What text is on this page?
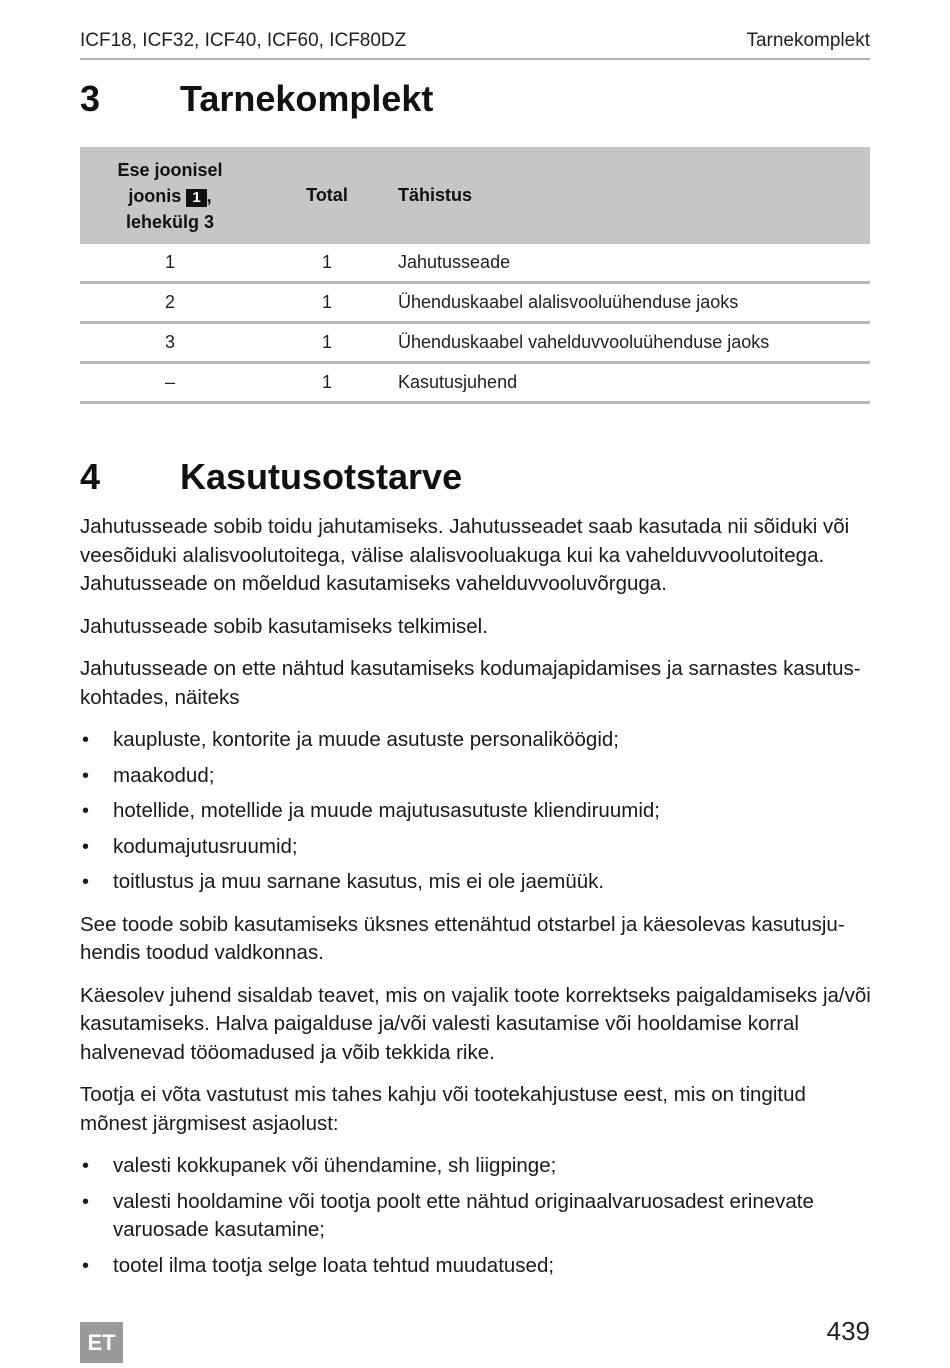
ICF18, ICF32, ICF40, ICF60, ICF80DZ	Tarnekomplekt
3 Tarnekomplekt
Ese joonisel
joonis 1 ,
lehekülg 3	Total	Tähistus
1	1	Jahutusseade
2	1	Ühenduskaabel alalisvooluühenduse jaoks
3	1	Ühenduskaabel vahelduvvooluühenduse jaoks
–	1	Kasutusjuhend
4 Kasutusotstarve

Jahutusseade sobib toidu jahutamiseks. Jahutusseadet saab kasutada nii sõiduki või veesõiduki alalisvoolutoitega, välise alalisvooluakuga kui ka vahelduvvoolutoitega. Jahutusseade on mõeldud kasutamiseks vahelduvvooluvõrguga.

Jahutusseade sobib kasutamiseks telkimisel.

Jahutusseade on ette nähtud kasutamiseks kodumajapidamises ja sarnastes kasutuskohtades, näiteks

• kaupluste, kontorite ja muude asutuste personaliköögid;
• maakodud;
• hotellide, motellide ja muude majutusasutuste kliendiruumid;
• kodumajutusruumid;
• toitlustus ja muu sarnane kasutus, mis ei ole jaemüük.

See toode sobib kasutamiseks üksnes ettenähtud otstarbel ja käesolevas kasutusjuhendis toodud valdkonnas.

Käesolev juhend sisaldab teavet, mis on vajalik toote korrektseks paigaldamiseks ja/või kasutamiseks. Halva paigalduse ja/või valesti kasutamise või hooldamise korral halvenevad tööomadused ja võib tekkida rike.

Tootja ei võta vastutust mis tahes kahju või tootekahjustuse eest, mis on tingitud mõnest järgmisest asjaolust:

• valesti kokkupanek või ühendamine, sh liigpinge;
• valesti hooldamine või tootja poolt ette nähtud originaalvaruosadest erinevate varuosade kasutamine;
• tootel ilma tootja selge loata tehtud muudatused;
ET	439
